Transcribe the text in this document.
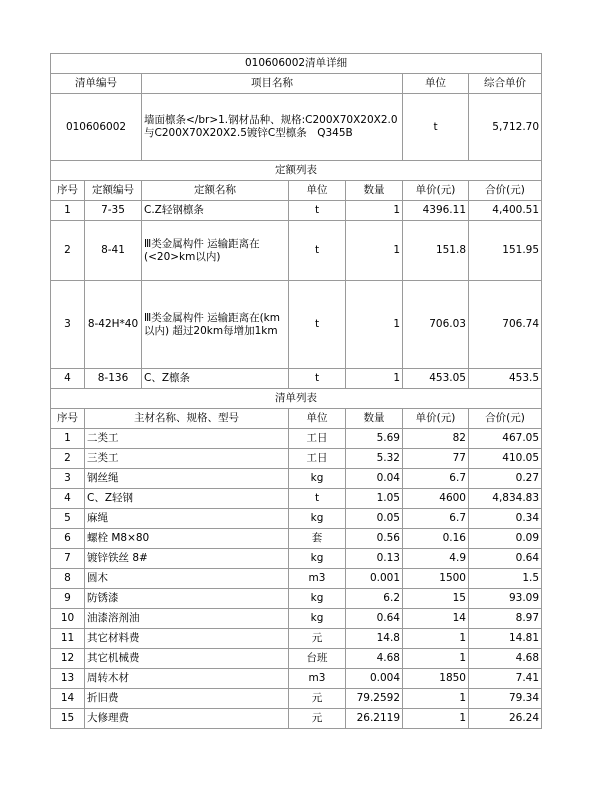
010606002清单详细						
清单编号		项目名称			单位	综合单价
010606002		墙面檩条</br>1.钢材品种、规格:C200X70X20X2.0与C200X70X20X2.5镀锌C型檩条　Q345B			t	5,712.70
定额列表						
序号	定额编号	定额名称	单位	数量	单价(元)	合价(元)
1	7-35	C.Z轻钢檩条	t	1	4396.11	4,400.51
2	8-41	Ⅲ类金属构件 运输距离在(<20>km以内)	t	1	151.8	151.95
3	8-42H*40	Ⅲ类金属构件 运输距离在(km以内) 超过20km每增加1km	t	1	706.03	706.74
4	8-136	C、Z檩条	t	1	453.05	453.5
清单列表						
序号	主材名称、规格、型号		单位	数量	单价(元)	合价(元)
1	二类工		工日	5.69	82	467.05
2	三类工		工日	5.32	77	410.05
3	钢丝绳		kg	0.04	6.7	0.27
4	C、Z轻钢		t	1.05	4600	4,834.83
5	麻绳		kg	0.05	6.7	0.34
6	螺栓 M8×80		套	0.56	0.16	0.09
7	镀锌铁丝 8#		kg	0.13	4.9	0.64
8	圆木		m3	0.001	1500	1.5
9	防锈漆		kg	6.2	15	93.09
10	油漆溶剂油		kg	0.64	14	8.97
11	其它材料费		元	14.8	1	14.81
12	其它机械费		台班	4.68	1	4.68
13	周转木材		m3	0.004	1850	7.41
14	折旧费		元	79.2592	1	79.34
15	大修理费		元	26.2119	1	26.24
